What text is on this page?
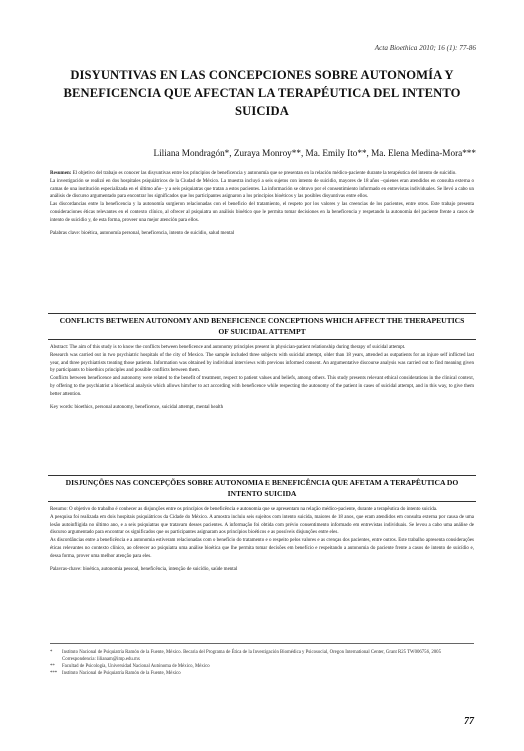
Acta Bioethica 2010; 16 (1): 77-86
DISYUNTIVAS EN LAS CONCEPCIONES SOBRE AUTONOMÍA Y BENEFICENCIA QUE AFECTAN LA TERAPÉUTICA DEL INTENTO SUICIDA
Liliana Mondragón*, Zuraya Monroy**, Ma. Emily Ito**, Ma. Elena Medina-Mora***

Resumen: El objetivo del trabajo es conocer las disyuntivas entre los principios de beneficencia y autonomía que se presentan en la relación médico-paciente durante la terapéutica del intento de suicidio.

La investigación se realizó en dos hospitales psiquiátricos de la Ciudad de México. La muestra incluyó a seis sujetos con intento de suicidio, mayores de 18 años –quienes eran atendidos en consulta externa o camas de una institución especializada en el último año– y a seis psiquiatras que tratan a estos pacientes. La información se obtuvo por el consentimiento informado en entrevistas individuales. Se llevó a cabo un análisis de discurso argumentado para encontrar los significados que los participantes asignaron a los principios bioéticos y las posibles disyuntivas entre ellos.

Las discordancias entre la beneficencia y la autonomía surgieron relacionadas con el beneficio del tratamiento, el respeto por los valores y las creencias de los pacientes, entre otros. Este trabajo presenta consideraciones éticas relevantes en el contexto clínico, al ofrecer al psiquiatra un análisis bioético que le permita tomar decisiones en la beneficencia y respetando la autonomía del paciente frente a casos de intento de suicidio y, de esta forma, proveer una mejor atención para ellos.

Palabras clave: bioética, autonomía personal, beneficencia, intento de suicidio, salud mental

CONFLICTS BETWEEN AUTONOMY AND BENEFICENCE CONCEPTIONS WHICH AFFECT THE THERAPEUTICS OF SUICIDAL ATTEMPT

Abstract: The aim of this study is to know the conflicts between beneficence and autonomy principles present in physician-patient relationship during therapy of suicidal attempt.

Research was carried out in two psychiatric hospitals of the city of Mexico. The sample included three subjects with suicidal attempt, older than 18 years, attended as outpatients for an injure self inflicted last year, and three psychiatrists treating those patients. Information was obtained by individual interviews with previous informed consent. An argumentative discourse analysis was carried out to find meaning given by participants to bioethics principles and possible conflicts between them.

Conflicts between beneficence and autonomy were related to the benefit of treatment, respect to patient values and beliefs, among others. This study presents relevant ethical considerations in the clinical context, by offering to the psychiatrist a bioethical analysis which allows him/her to act according with beneficence while respecting the autonomy of the patient in cases of suicidal attempt, and in this way, to give them better attention.

Key words: bioethics, personal autonomy, beneficence, suicidal attempt, mental health

DISJUNÇÕES NAS CONCEPÇÕES SOBRE AUTONOMIA E BENEFICÊNCIA QUE AFETAM A TERAPÊUTICA DO INTENTO SUICIDA

Resumo: O objetivo do trabalho é conhecer as disjunções entre os princípios de beneficência e autonomia que se apresentam na relação médico-paciente, durante a terapêutica do intento suicida.

A pesquisa foi realizada em dois hospitais psiquiátricos da Cidade do México. A amostra incluiu seis sujeitos com intento suicida, maiores de 18 anos, que eram atendidos em consulta externa por causa de uma lesão autoinfligida no último ano, e a seis psiquiatras que tratavam desses pacientes. A informação foi obtida com prévio consentimento informado em entrevistas individuais. Se levou a cabo uma análise de discurso argumentado para encontrar os significados que os participantes asignaram aos princípios bioéticos e as possíveis disjunções entre eles.

As discordâncias entre a beneficência e a autonomia estiveram relacionadas com o benefício do tratamento e o respeito pelos valores e as crenças dos pacientes, entre outros. Este trabalho apresenta considerações éticas relevantes no contexto clínico, ao oferecer ao psiquiatra uma análise bioética que lhe permita tomar decisões em benefício e respeitando a autonomia do paciente frente a casos de intento de suicídio e, dessa forma, prover uma melhor atenção para eles.

Palavras-chave: bioética, autonomia pessoal, beneficência, intenção de suicídio, saúde mental

*	Instituto Nacional de Psiquiatría Ramón de la Fuente, México. Becaria del Programa de Ética de la Investigación Biomédica y Psicosocial, Oregon International Center, Grant R25 TW006756, 2005
Correspondencia: lilianam@imp.edu.mx
**	Facultad de Psicología, Universidad Nacional Autónoma de México, México
*** Instituto Nacional de Psiquiatría Ramón de la Fuente, México
77
